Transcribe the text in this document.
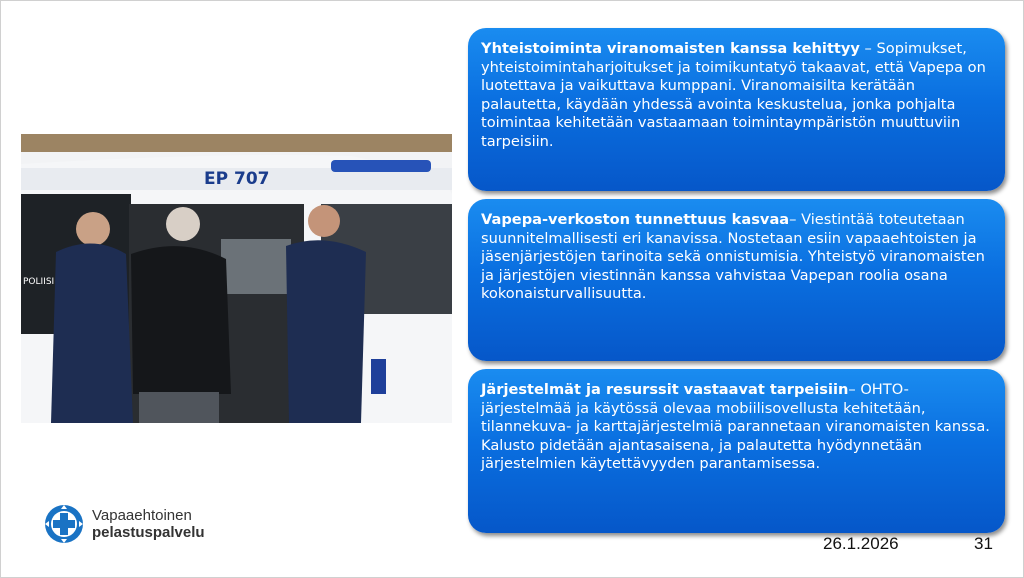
EP 707
POLIISI
Yhteistoiminta viranomaisten kanssa kehittyy – Sopimukset, yhteistoimintaharjoitukset ja toimikuntatyö takaavat, että Vapepa on luotettava ja vaikuttava kumppani. Viranomaisilta kerätään palautetta, käydään yhdessä avointa keskustelua, jonka pohjalta toimintaa kehitetään vastaamaan toimintaympäristön muuttuviin tarpeisiin.
Vapepa-verkoston tunnettuus kasvaa– Viestintää toteutetaan suunnitelmallisesti eri kanavissa. Nostetaan esiin vapaaehtoisten ja jäsenjärjestöjen tarinoita sekä onnistumisia. Yhteistyö viranomaisten ja järjestöjen viestinnän kanssa vahvistaa Vapepan roolia osana kokonaisturvallisuutta.
Järjestelmät ja resurssit vastaavat tarpeisiin– OHTO-järjestelmää ja käytössä olevaa mobiilisovellusta kehitetään, tilannekuva- ja karttajärjestelmiä parannetaan viranomaisten kanssa. Kalusto pidetään ajantasaisena, ja palautetta hyödynnetään järjestelmien käytettävyyden parantamisessa.
Vapaaehtoinen
pelastuspalvelu
26.1.2026	31
